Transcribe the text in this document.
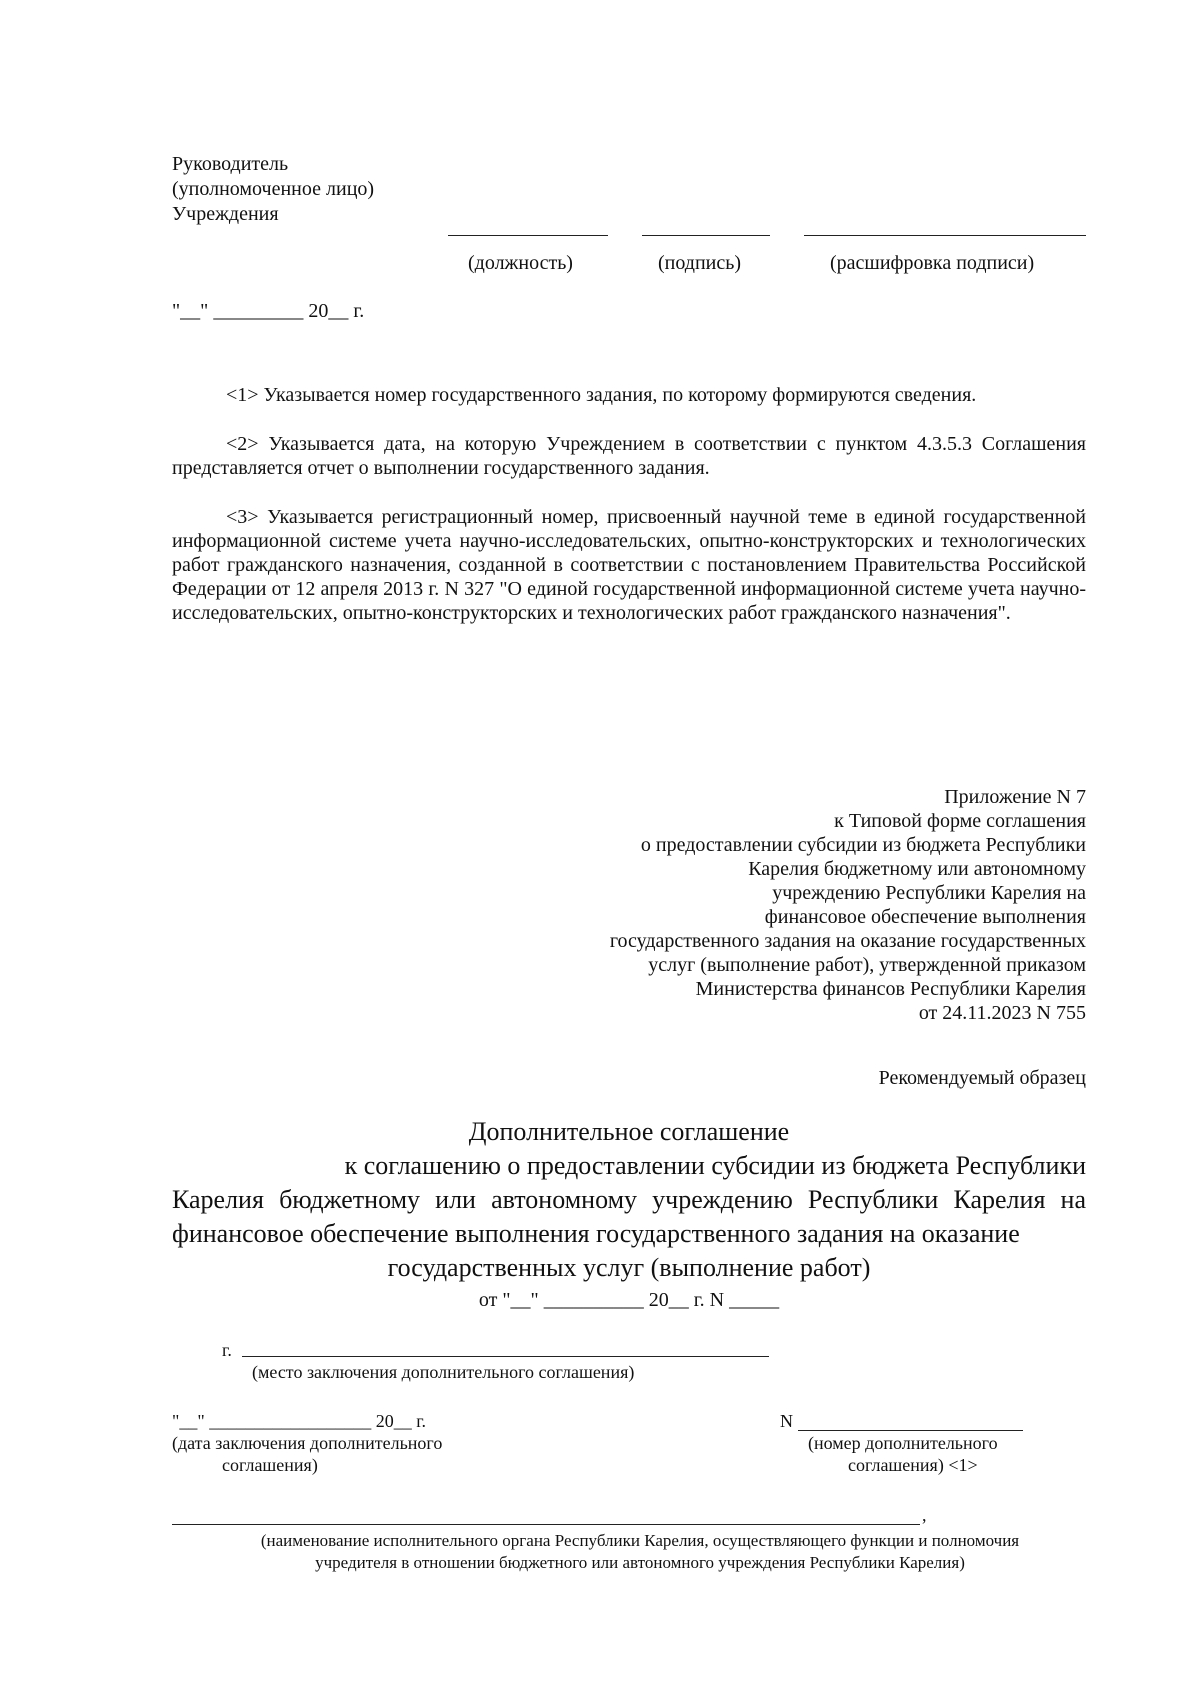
Руководитель
(уполномоченное лицо)
Учреждения
(должность)	(подпись)	(расшифровка подписи)
"__" _________ 20__ г.
<1> Указывается номер государственного задания, по которому формируются сведения.
<2> Указывается дата, на которую Учреждением в соответствии с пунктом 4.3.5.3 Соглашения представляется отчет о выполнении государственного задания.
<3> Указывается регистрационный номер, присвоенный научной теме в единой государственной информационной системе учета научно-исследовательских, опытно-конструкторских и технологических работ гражданского назначения, созданной в соответствии с постановлением Правительства Российской Федерации от 12 апреля 2013 г. N 327 "О единой государственной информационной системе учета научно-исследовательских, опытно-конструкторских и технологических работ гражданского назначения".
Приложение N 7
к Типовой форме соглашения
о предоставлении субсидии из бюджета Республики
Карелия бюджетному или автономному
учреждению Республики Карелия на
финансовое обеспечение выполнения
государственного задания на оказание государственных
услуг (выполнение работ), утвержденной приказом
Министерства финансов Республики Карелия
от 24.11.2023 N 755
Рекомендуемый образец
Дополнительное соглашение
к соглашению о предоставлении субсидии из бюджета Республики
Карелия бюджетному или автономному учреждению Республики Карелия на
финансовое обеспечение выполнения государственного задания на оказание
государственных услуг (выполнение работ)
от "__" __________ 20__ г. N _____
г.
(место заключения дополнительного соглашения)
"__" __________________ 20__ г.
(дата заключения дополнительного
соглашения)
N
(номер дополнительного
соглашения) <1>
,
(наименование исполнительного органа Республики Карелия, осуществляющего функции и полномочия
учредителя в отношении бюджетного или автономного учреждения Республики Карелия)
